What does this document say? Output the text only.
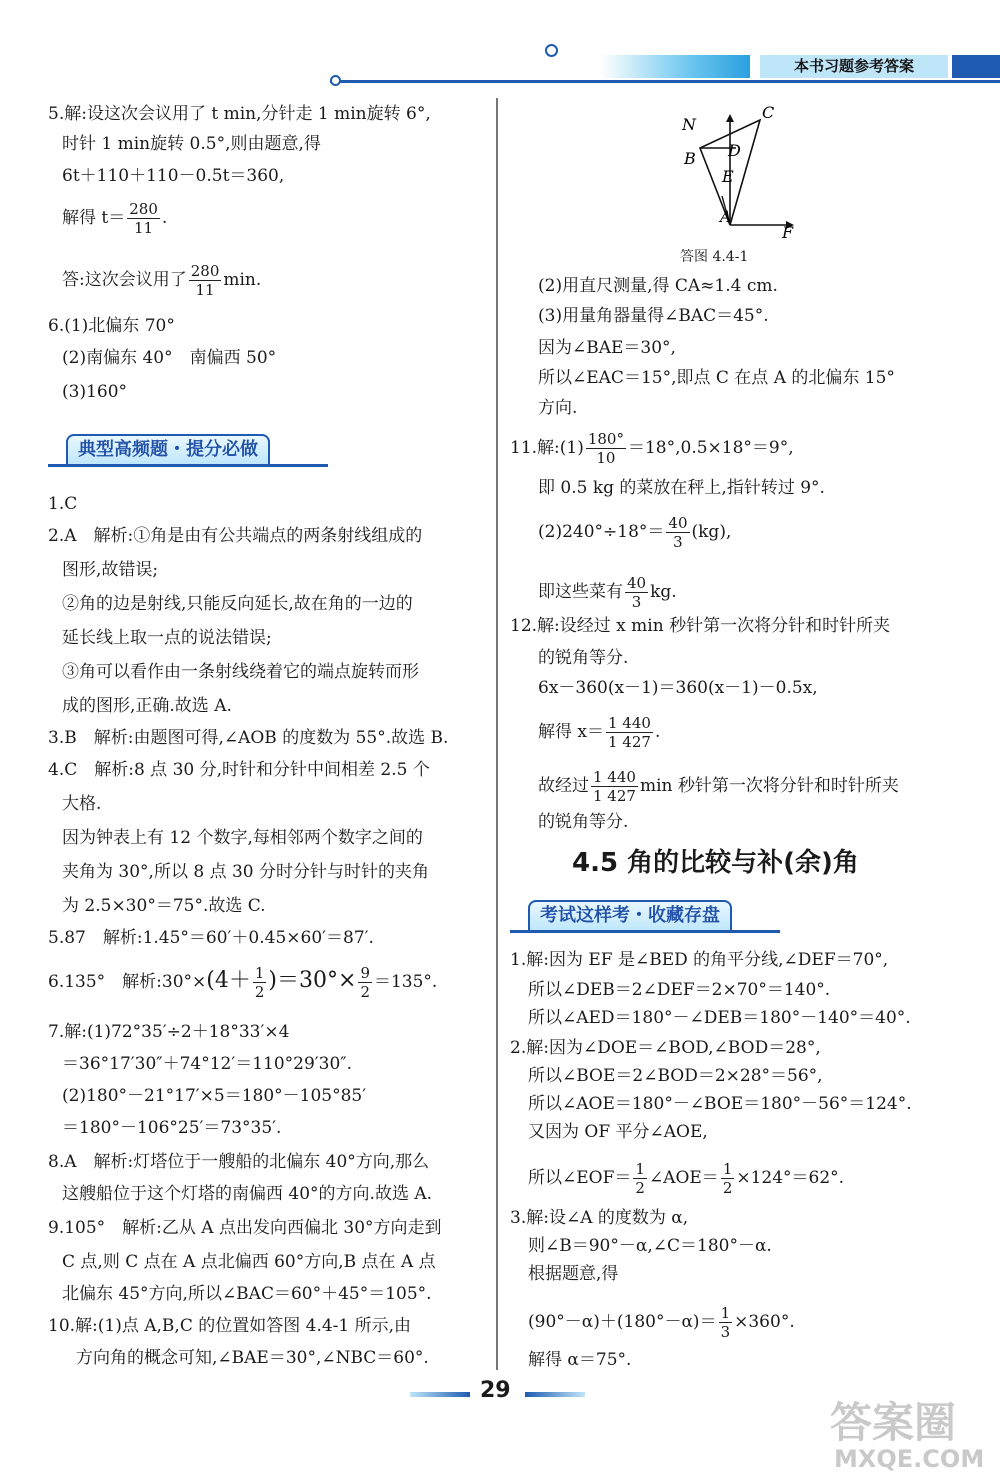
本书习题参考答案
5.解:设这次会议用了 t min,分针走 1 min旋转 6°,
时针 1 min旋转 0.5°,则由题意,得
6t＋110＋110－0.5t＝360,
解得 $t= \frac{280}{11}$ .
答:这次会议用了 $\frac{280}{11} \min$.
6.(1)北偏东 70°
(2)南偏东 40°　南偏西 50°
(3)160°
典型高频题・提分必做
1.C
2.A　解析:①角是由有公共端点的两条射线组成的
图形,故错误;
②角的边是射线,只能反向延长,故在角的一边的
延长线上取一点的说法错误;
③角可以看作由一条射线绕着它的端点旋转而形
成的图形,正确.故选 A.
3.B　解析:由题图可得,∠AOB 的度数为 55°.故选 B.
4.C　解析:8 点 30 分,时针和分针中间相差 2.5 个
大格.
因为钟表上有 12 个数字,每相邻两个数字之间的
夹角为 30°,所以 8 点 30 分时分针与时针的夹角
为 2.5×30°＝75°.故选 C.
5.87　解析:1.45°＝60′＋0.45×60′＝87′.
6.135°　解析:30°×(4＋ $\frac{1}{2} )=30^\circ\times \frac{9}{2} =135^\circ$.
7.解:(1)72°35′÷2＋18°33′×4
＝36°17′30″＋74°12′＝110°29′30″.
(2)180°－21°17′×5＝180°－105°85′
＝180°－106°25′＝73°35′.
8.A　解析:灯塔位于一艘船的北偏东 40°方向,那么
这艘船位于这个灯塔的南偏西 40°的方向.故选 A.
9.105°　解析:乙从 A 点出发向西偏北 30°方向走到
C 点,则 C 点在 A 点北偏西 60°方向,B 点在 A 点
北偏东 45°方向,所以∠BAC＝60°＋45°＝105°.
10.解:(1)点 A,B,C 的位置如答图 4.4-1 所示,由
方向角的概念可知,∠BAE＝30°,∠NBC＝60°.
N
C
B D
E
A
F
答图 4.4-1
(2)用直尺测量,得 CA≈1.4 cm.
(3)用量角器量得∠BAC＝45°.
因为∠BAE＝30°,
所以∠EAC＝15°,即点 C 在点 A 的北偏东 15°
方向.
11.解:(1) $\frac{180^\circ}{10} =18^\circ,0.5\times 18^\circ=9^\circ$,
即 0.5 kg 的菜放在秤上,指针转过 9°.
$(2)240^\circ\div 18^\circ= \frac{40}{3} (kg)$,
即这些菜有 $\frac{40}{3}$ kg.
12.解:设经过 x min 秒针第一次将分针和时针所夹
的锐角等分.
6x－360(x－1)＝360(x－1)－0.5x,
解得 $x= \frac{1 440}{1 427}$ .
故经过 $\frac{1 440}{1 427}$ min 秒针第一次将分针和时针所夹
的锐角等分.
4.5 角的比较与补(余)角
考试这样考・收藏存盘
1.解:因为 EF 是∠BED 的角平分线,∠DEF＝70°,
所以∠DEB＝2∠DEF＝2×70°＝140°.
所以∠AED＝180°－∠DEB＝180°－140°＝40°.
2.解:因为∠DOE＝∠BOD,∠BOD＝28°,
所以∠BOE＝2∠BOD＝2×28°＝56°,
所以∠AOE＝180°－∠BOE＝180°－56°＝124°.
又因为 OF 平分∠AOE,
所以∠EOF＝ $\frac{1}{2}$ ∠AOE＝ $\frac{1}{2} \times 124^\circ=62^\circ$.
3.解:设∠A 的度数为 α,
则∠B＝90°－α,∠C＝180°－α.
根据题意,得
$(90^\circ-\alpha)+(180^\circ-\alpha)= \frac{1}{3} \times 360^\circ$.
解得 α＝75°.
29
答案圈
MXQE.COM
